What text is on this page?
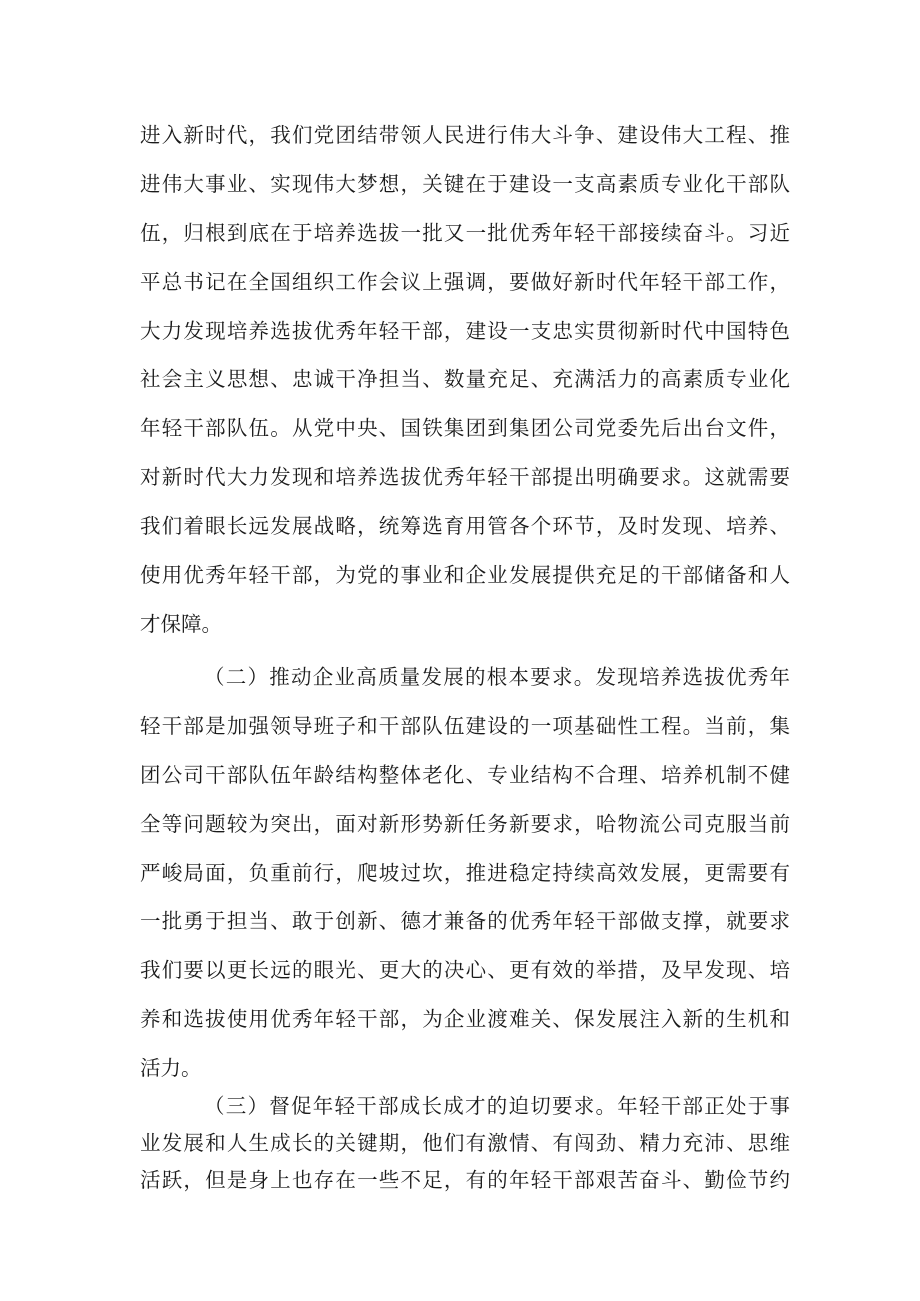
进入新时代，我们党团结带领人民进行伟大斗争、建设伟大工程、推
进伟大事业、实现伟大梦想，关键在于建设一支高素质专业化干部队
伍，归根到底在于培养选拔一批又一批优秀年轻干部接续奋斗。习近
平总书记在全国组织工作会议上强调，要做好新时代年轻干部工作，
大力发现培养选拔优秀年轻干部，建设一支忠实贯彻新时代中国特色
社会主义思想、忠诚干净担当、数量充足、充满活力的高素质专业化
年轻干部队伍。从党中央、国铁集团到集团公司党委先后出台文件，
对新时代大力发现和培养选拔优秀年轻干部提出明确要求。这就需要
我们着眼长远发展战略，统筹选育用管各个环节，及时发现、培养、
使用优秀年轻干部，为党的事业和企业发展提供充足的干部储备和人
才保障。
（二）推动企业高质量发展的根本要求。发现培养选拔优秀年
轻干部是加强领导班子和干部队伍建设的一项基础性工程。当前，集
团公司干部队伍年龄结构整体老化、专业结构不合理、培养机制不健
全等问题较为突出，面对新形势新任务新要求，哈物流公司克服当前
严峻局面，负重前行，爬坡过坎，推进稳定持续高效发展，更需要有
一批勇于担当、敢于创新、德才兼备的优秀年轻干部做支撑，就要求
我们要以更长远的眼光、更大的决心、更有效的举措，及早发现、培
养和选拔使用优秀年轻干部，为企业渡难关、保发展注入新的生机和
活力。
（三）督促年轻干部成长成才的迫切要求。年轻干部正处于事
业发展和人生成长的关键期，他们有激情、有闯劲、精力充沛、思维
活跃，但是身上也存在一些不足，有的年轻干部艰苦奋斗、勤俭节约
